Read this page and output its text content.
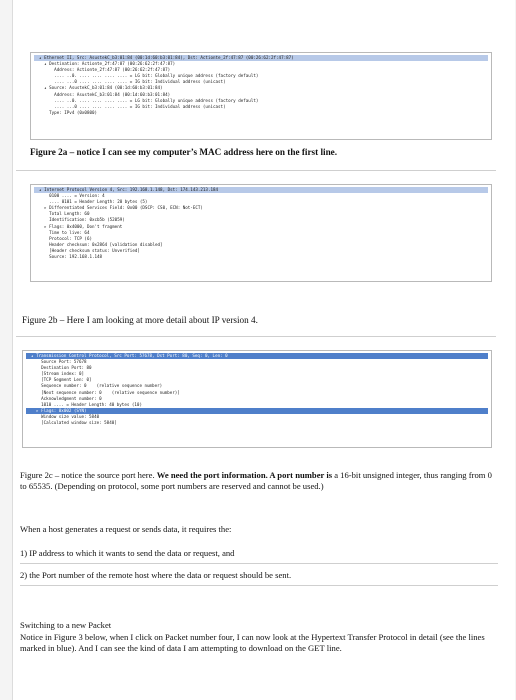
▴ Ethernet II, Src: AsustekC_b3:01:84 (00:1d:60:b3:01:84), Dst: Actionte_2f:47:87 (00:26:62:2f:47:87)
▴ Destination: Actionte_2f:47:87 (00:26:62:2f:47:87)
Address: Actionte_2f:47:87 (00:26:62:2f:47:87)
.... ..0. .... .... .... .... = LG bit: Globally unique address (factory default)
.... ...0 .... .... .... .... = IG bit: Individual address (unicast)
▴ Source: AsustekC_b3:01:84 (00:1d:60:b3:01:84)
Address: AsustekC_b3:01:84 (00:1d:60:b3:01:84)
.... ..0. .... .... .... .... = LG bit: Globally unique address (factory default)
.... ...0 .... .... .... .... = IG bit: Individual address (unicast)
Type: IPv4 (0x0800)
Figure 2a – notice I can see my computer’s MAC address here on the first line.
▴ Internet Protocol Version 4, Src: 192.168.1.148, Dst: 174.143.213.184
0100 .... = Version: 4
.... 0101 = Header Length: 20 bytes (5)
▸ Differentiated Services Field: 0x00 (DSCP: CS0, ECN: Not-ECT)
Total Length: 60
Identification: 0xcb5b (52059)
▸ Flags: 0x4000, Don't fragment
Time to live: 64
Protocol: TCP (6)
Header checksum: 0x2864 [validation disabled]
[Header checksum status: Unverified]
Source: 192.168.1.148
Figure 2b – Here I am looking at more detail about IP version 4.
▴ Transmission Control Protocol, Src Port: 57678, Dst Port: 80, Seq: 0, Len: 0
Source Port: 57678
Destination Port: 80
[Stream index: 0]
[TCP Segment Len: 0]
Sequence number: 0    (relative sequence number)
[Next sequence number: 0    (relative sequence number)]
Acknowledgment number: 0
1010 .... = Header Length: 40 bytes (10)
▸ Flags: 0x002 (SYN)
Window size value: 5840
[Calculated window size: 5840]
Figure 2c – notice the source port here. We need the port information. A port number is a 16-bit unsigned integer, thus ranging from 0 to 65535. (Depending on protocol, some port numbers are reserved and cannot be used.)
When a host generates a request or sends data, it requires the:
1) IP address to which it wants to send the data or request, and
2) the Port number of the remote host where the data or request should be sent.
Switching to a new Packet
Notice in Figure 3 below, when I click on Packet number four, I can now look at the Hypertext Transfer Protocol in detail (see the lines marked in blue). And I can see the kind of data I am attempting to download on the GET line.
